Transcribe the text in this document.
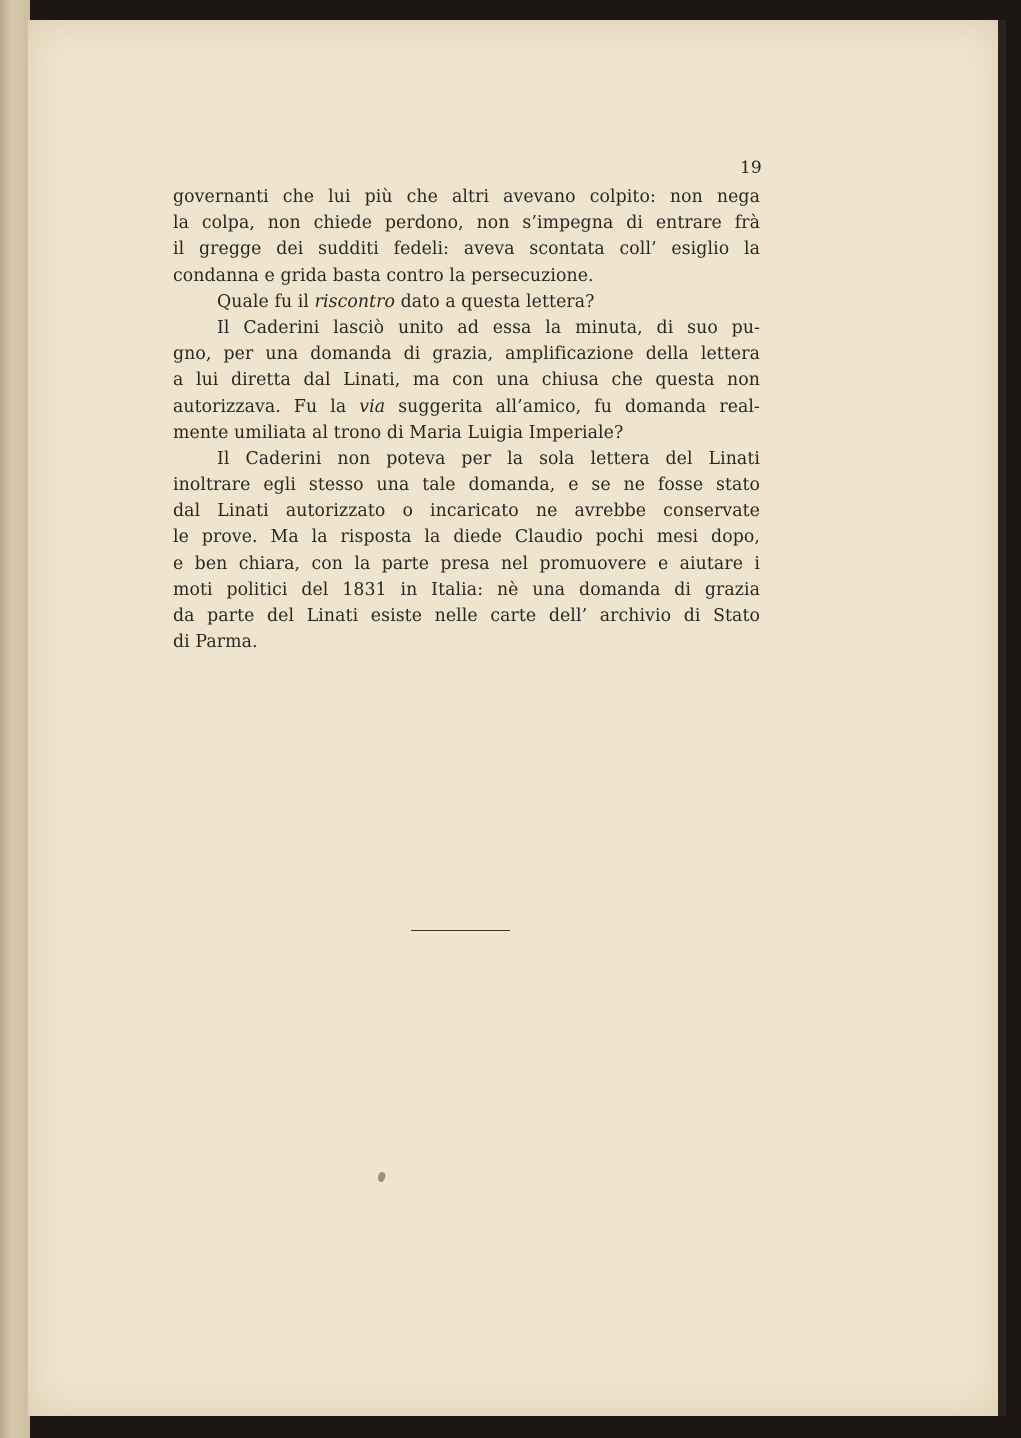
19
governanti che lui più che altri avevano colpito: non nega
la colpa, non chiede perdono, non s’impegna di entrare frà
il gregge dei sudditi fedeli: aveva scontata coll’ esiglio la
condanna e grida basta contro la persecuzione.
Quale fu il riscontro dato a questa lettera?
Il Caderini lasciò unito ad essa la minuta, di suo pu-
gno, per una domanda di grazia, amplificazione della lettera
a lui diretta dal Linati, ma con una chiusa che questa non
autorizzava. Fu la via suggerita all’amico, fu domanda real-
mente umiliata al trono di Maria Luigia Imperiale?
Il Caderini non poteva per la sola lettera del Linati
inoltrare egli stesso una tale domanda, e se ne fosse stato
dal Linati autorizzato o incaricato ne avrebbe conservate
le prove. Ma la risposta la diede Claudio pochi mesi dopo,
e ben chiara, con la parte presa nel promuovere e aiutare i
moti politici del 1831 in Italia: nè una domanda di grazia
da parte del Linati esiste nelle carte dell’ archivio di Stato
di Parma.
